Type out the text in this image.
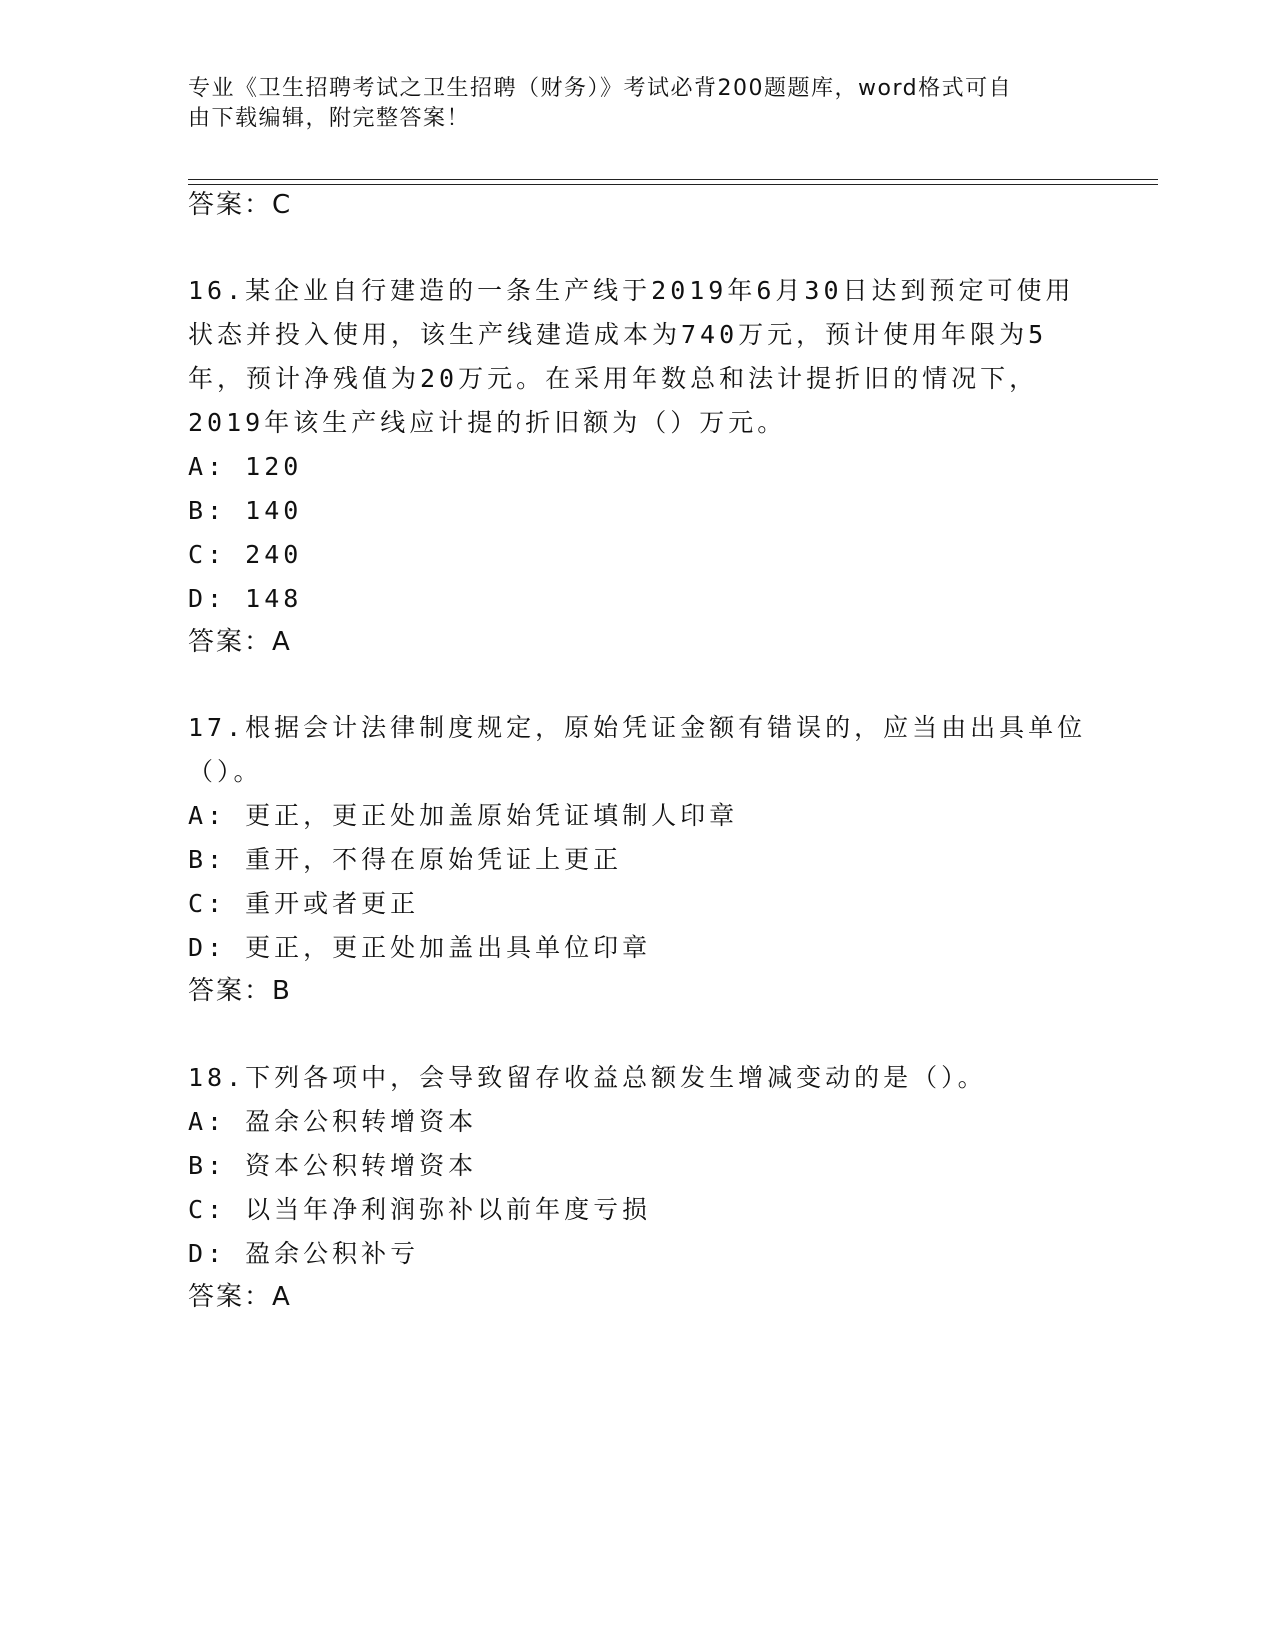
专业《卫生招聘考试之卫生招聘（财务）》考试必背200题题库，word格式可自
由下载编辑，附完整答案！
答案：C
16.某企业自行建造的一条生产线于2019年6月30日达到预定可使用
状态并投入使用，该生产线建造成本为740万元，预计使用年限为5
年，预计净残值为20万元。在采用年数总和法计提折旧的情况下，
2019年该生产线应计提的折旧额为（）万元。
A: 120
B: 140
C: 240
D: 148
答案：A
17.根据会计法律制度规定，原始凭证金额有错误的，应当由出具单位
（）。
A: 更正，更正处加盖原始凭证填制人印章
B: 重开，不得在原始凭证上更正
C: 重开或者更正
D: 更正，更正处加盖出具单位印章
答案：B
18.下列各项中，会导致留存收益总额发生增减变动的是（）。
A: 盈余公积转增资本
B: 资本公积转增资本
C: 以当年净利润弥补以前年度亏损
D: 盈余公积补亏
答案：A
